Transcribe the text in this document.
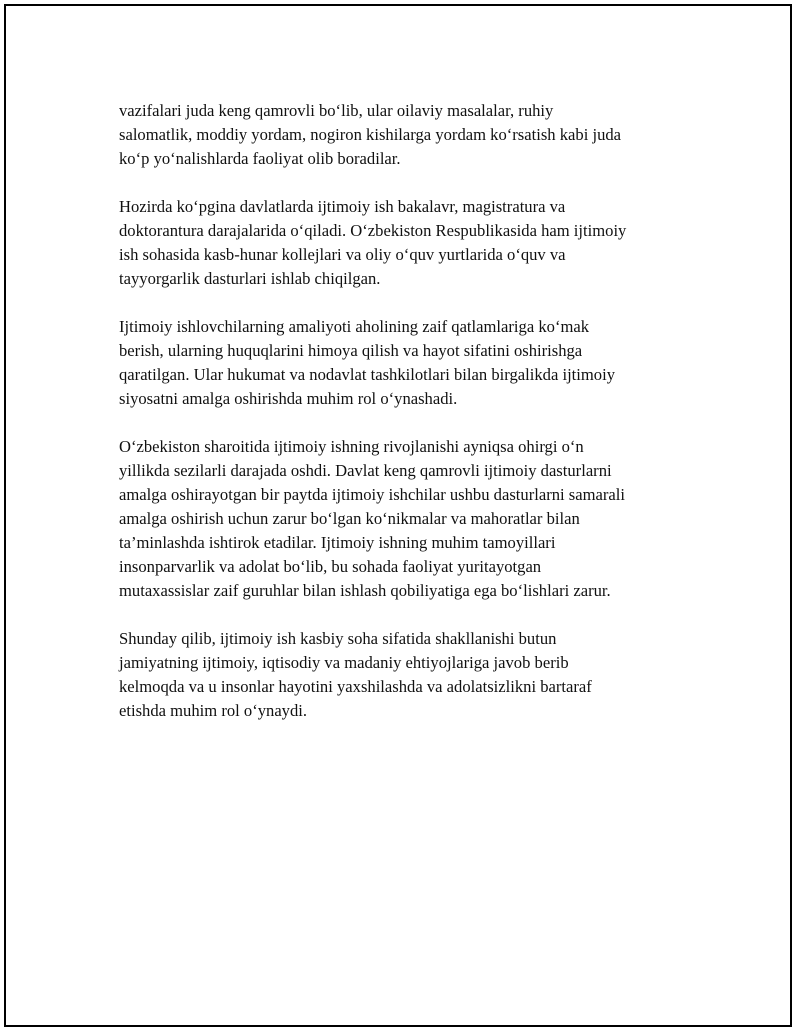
vazifalari juda keng qamrovli bo‘lib, ular oilaviy masalalar, ruhiy
salomatlik, moddiy yordam, nogiron kishilarga yordam ko‘rsatish kabi juda
ko‘p yo‘nalishlarda faoliyat olib boradilar.

Hozirda ko‘pgina davlatlarda ijtimoiy ish bakalavr, magistratura va
doktorantura darajalarida o‘qiladi. O‘zbekiston Respublikasida ham ijtimoiy
ish sohasida kasb-hunar kollejlari va oliy o‘quv yurtlarida o‘quv va
tayyorgarlik dasturlari ishlab chiqilgan.

Ijtimoiy ishlovchilarning amaliyoti aholining zaif qatlamlariga ko‘mak
berish, ularning huquqlarini himoya qilish va hayot sifatini oshirishga
qaratilgan. Ular hukumat va nodavlat tashkilotlari bilan birgalikda ijtimoiy
siyosatni amalga oshirishda muhim rol o‘ynashadi.

O‘zbekiston sharoitida ijtimoiy ishning rivojlanishi ayniqsa ohirgi o‘n
yillikda sezilarli darajada oshdi. Davlat keng qamrovli ijtimoiy dasturlarni
amalga oshirayotgan bir paytda ijtimoiy ishchilar ushbu dasturlarni samarali
amalga oshirish uchun zarur bo‘lgan ko‘nikmalar va mahoratlar bilan
ta’minlashda ishtirok etadilar. Ijtimoiy ishning muhim tamoyillari
insonparvarlik va adolat bo‘lib, bu sohada faoliyat yuritayotgan
mutaxassislar zaif guruhlar bilan ishlash qobiliyatiga ega bo‘lishlari zarur.

Shunday qilib, ijtimoiy ish kasbiy soha sifatida shakllanishi butun
jamiyatning ijtimoiy, iqtisodiy va madaniy ehtiyojlariga javob berib
kelmoqda va u insonlar hayotini yaxshilashda va adolatsizlikni bartaraf
etishda muhim rol o‘ynaydi.
